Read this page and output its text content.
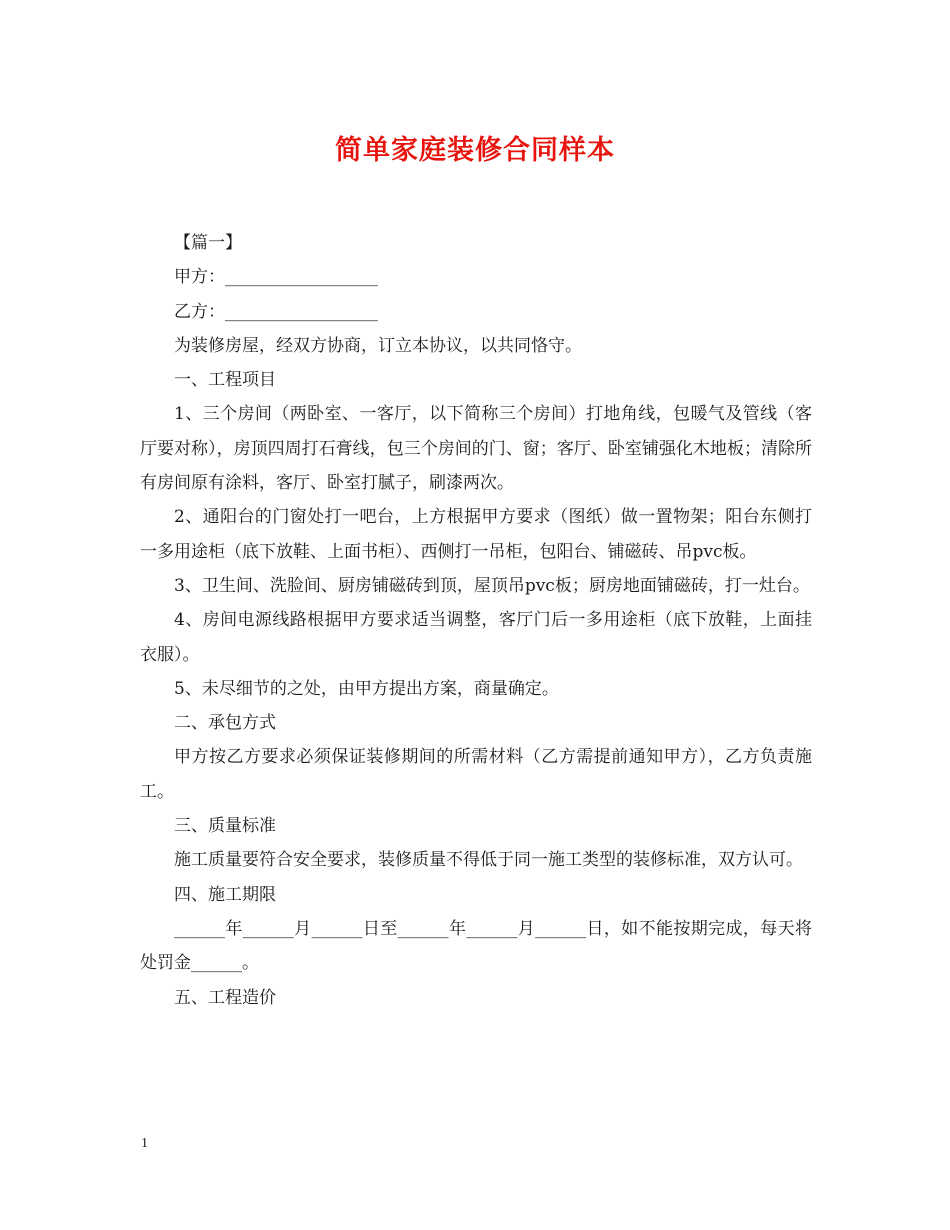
简单家庭装修合同样本

【篇一】

甲方：__________________

乙方：__________________

为装修房屋，经双方协商，订立本协议，以共同恪守。

一、工程项目

1、三个房间（两卧室、一客厅，以下简称三个房间）打地角线，包暖气及管线（客厅要对称），房顶四周打石膏线，包三个房间的门、窗；客厅、卧室铺强化木地板；清除所有房间原有涂料，客厅、卧室打腻子，刷漆两次。

2、通阳台的门窗处打一吧台，上方根据甲方要求（图纸）做一置物架；阳台东侧打一多用途柜（底下放鞋、上面书柜）、西侧打一吊柜，包阳台、铺磁砖、吊pvc板。

3、卫生间、洗脸间、厨房铺磁砖到顶，屋顶吊pvc板；厨房地面铺磁砖，打一灶台。

4、房间电源线路根据甲方要求适当调整，客厅门后一多用途柜（底下放鞋，上面挂衣服）。

5、未尽细节的之处，由甲方提出方案，商量确定。

二、承包方式

甲方按乙方要求必须保证装修期间的所需材料（乙方需提前通知甲方），乙方负责施工。

三、质量标准

施工质量要符合安全要求，装修质量不得低于同一施工类型的装修标准，双方认可。

四、施工期限

______年______月______日至______年______月______日，如不能按期完成，每天将处罚金______。

五、工程造价

1
